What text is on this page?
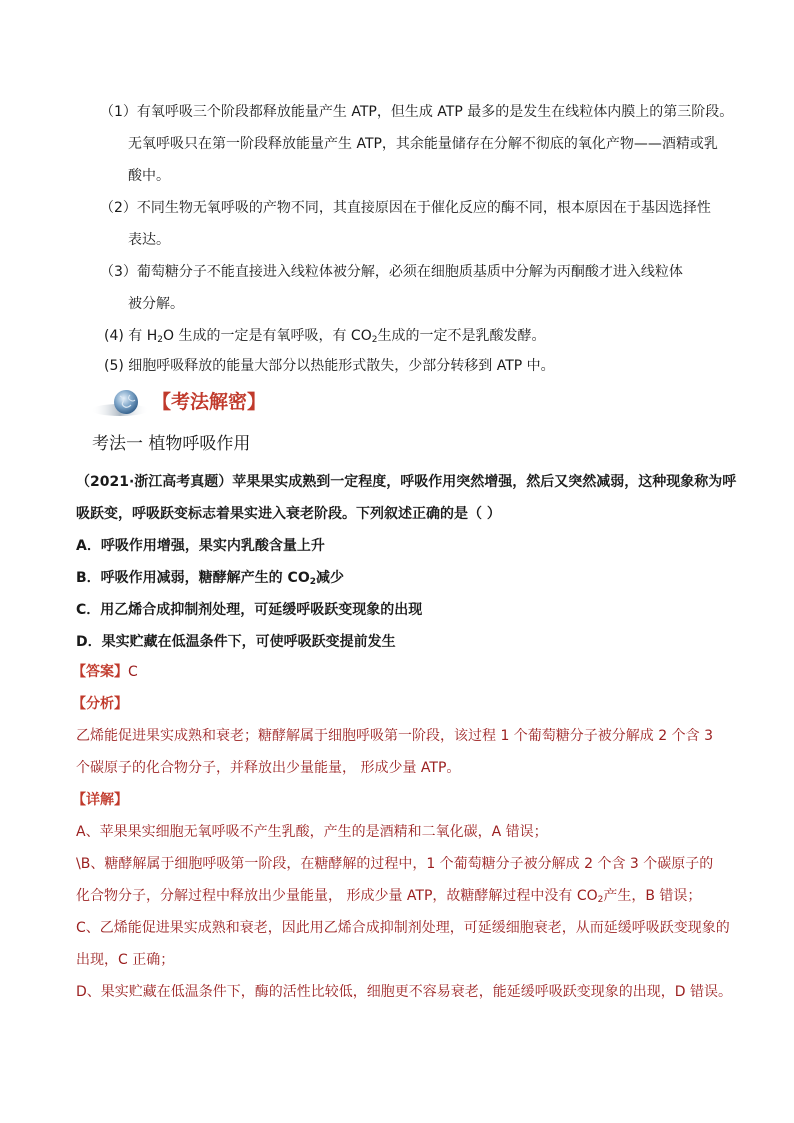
（1）有氧呼吸三个阶段都释放能量产生 ATP，但生成 ATP 最多的是发生在线粒体内膜上的第三阶段。
无氧呼吸只在第一阶段释放能量产生 ATP，其余能量储存在分解不彻底的氧化产物——酒精或乳
酸中。
（2）不同生物无氧呼吸的产物不同，其直接原因在于催化反应的酶不同，根本原因在于基因选择性
表达。
（3）葡萄糖分子不能直接进入线粒体被分解，必须在细胞质基质中分解为丙酮酸才进入线粒体
被分解。
(4) 有 $H_2O$ 生成的一定是有氧呼吸，有 $CO_2$生成的一定不是乳酸发酵。
(5) 细胞呼吸释放的能量大部分以热能形式散失，少部分转移到 ATP 中。
【考法解密】
考法一 植物呼吸作用
（2021·浙江高考真题）苹果果实成熟到一定程度，呼吸作用突然增强，然后又突然减弱，这种现象称为呼
吸跃变，呼吸跃变标志着果实进入衰老阶段。下列叙述正确的是（ ）
A．呼吸作用增强，果实内乳酸含量上升
B．呼吸作用减弱，糖酵解产生的 $CO_2$减少
C．用乙烯合成抑制剂处理，可延缓呼吸跃变现象的出现
D．果实贮藏在低温条件下，可使呼吸跃变提前发生
【答案】C
【分析】
乙烯能促进果实成熟和衰老；糖酵解属于细胞呼吸第一阶段，该过程 1 个葡萄糖分子被分解成 2 个含 3
个碳原子的化合物分子，并释放出少量能量， 形成少量 ATP。
【详解】
A、苹果果实细胞无氧呼吸不产生乳酸，产生的是酒精和二氧化碳，A 错误；
\B、糖酵解属于细胞呼吸第一阶段，在糖酵解的过程中，1 个葡萄糖分子被分解成 2 个含 3 个碳原子的
化合物分子，分解过程中释放出少量能量， 形成少量 ATP，故糖酵解过程中没有 $CO_2$产生，B 错误；
C、乙烯能促进果实成熟和衰老，因此用乙烯合成抑制剂处理，可延缓细胞衰老，从而延缓呼吸跃变现象的
出现，C 正确；
D、果实贮藏在低温条件下，酶的活性比较低，细胞更不容易衰老，能延缓呼吸跃变现象的出现，D 错误。
